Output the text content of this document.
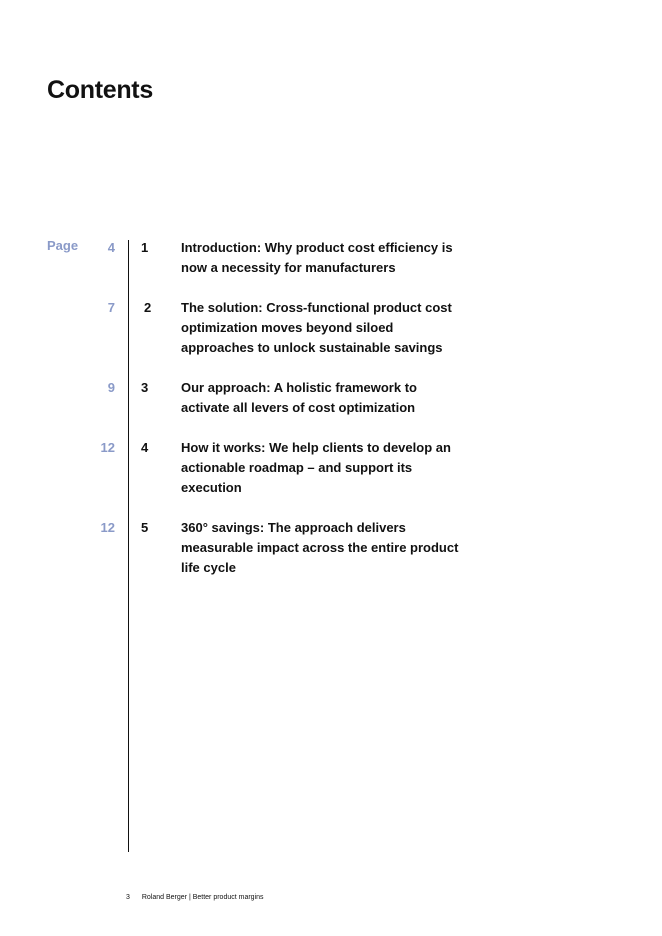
Contents
Page 4 1	Introduction: Why product cost efficiency is now a necessity for manufacturers
7 2 The solution: Cross-functional product cost optimization moves beyond siloed approaches to unlock sustainable savings
9 3	Our approach: A holistic framework to activate all levers of cost optimization
12 4	How it works: We help clients to develop an actionable roadmap – and support its execution
12 5	360° savings: The approach delivers measurable impact across the entire product life cycle
3 Roland Berger | Better product margins
